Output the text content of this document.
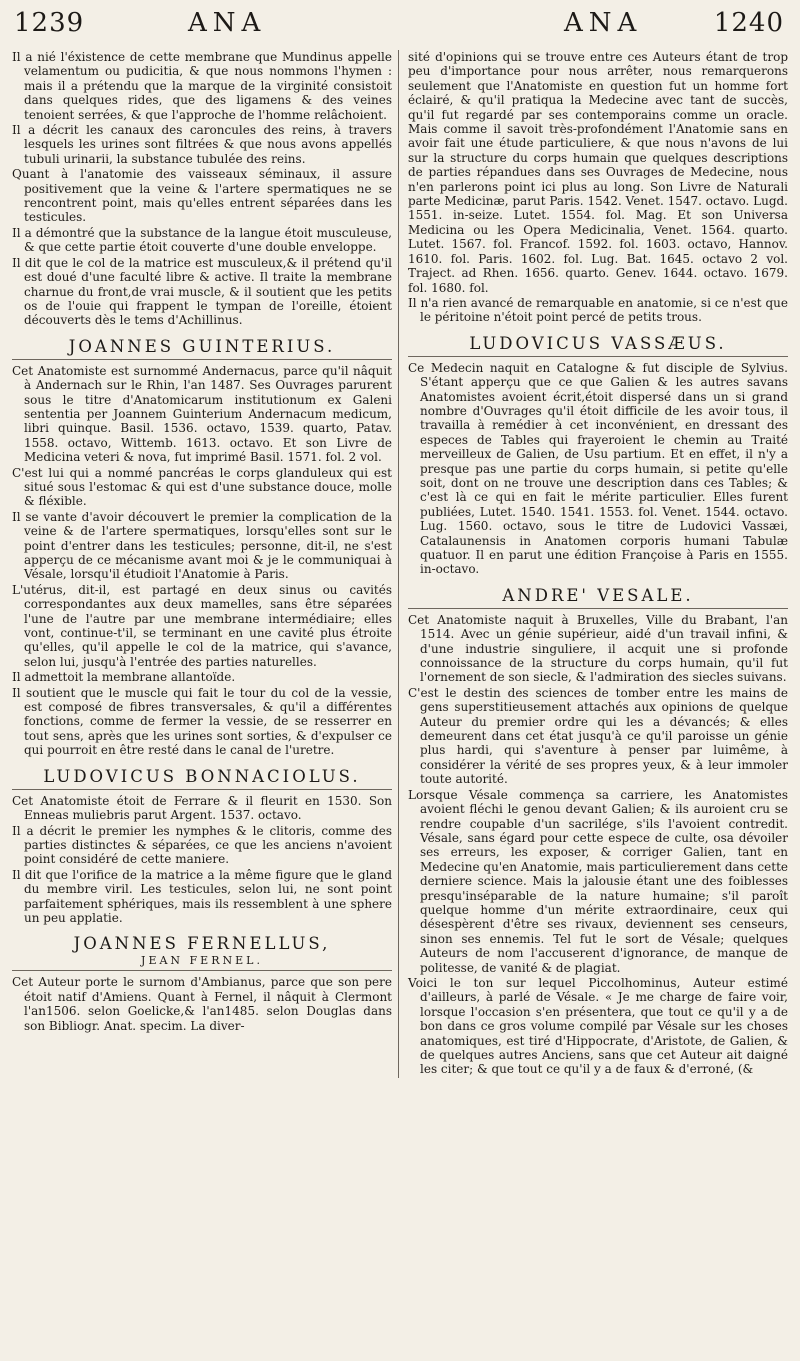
1239	ANA	ANA	1240

Il a nié l'éxistence de cette membrane que Mundinus appelle velamentum ou pudicitia, & que nous nommons l'hymen : mais il a prétendu que la marque de la virginité consistoit dans quelques rides, que des ligamens & des veines tenoient serrées, & que l'approche de l'homme relâchoient.

Il a décrit les canaux des caroncules des reins, à travers lesquels les urines sont filtrées & que nous avons appellés tubuli urinarii, la substance tubulée des reins.

Quant à l'anatomie des vaisseaux séminaux, il assure positivement que la veine & l'artere spermatiques ne se rencontrent point, mais qu'elles entrent séparées dans les testicules.

Il a démontré que la substance de la langue étoit musculeuse, & que cette partie étoit couverte d'une double enveloppe.

Il dit que le col de la matrice est musculeux,& il prétend qu'il est doué d'une faculté libre & active. Il traite la membrane charnue du front,de vrai muscle, & il soutient que les petits os de l'ouie qui frappent le tympan de l'oreille, étoient découverts dès le tems d'Achillinus.

JOANNES GUINTERIUS.

Cet Anatomiste est surnommé Andernacus, parce qu'il nâquit à Andernach sur le Rhin, l'an 1487. Ses Ouvrages parurent sous le titre d'Anatomicarum institutionum ex Galeni sententia per Joannem Guinterium Andernacum medicum, libri quinque. Basil. 1536. octavo, 1539. quarto, Patav. 1558. octavo, Wittemb. 1613. octavo. Et son Livre de Medicina veteri & nova, fut imprimé Basil. 1571. fol. 2 vol.

C'est lui qui a nommé pancréas le corps glanduleux qui est situé sous l'estomac & qui est d'une substance douce, molle & fléxible.

Il se vante d'avoir découvert le premier la complication de la veine & de l'artere spermatiques, lorsqu'elles sont sur le point d'entrer dans les testicules; personne, dit-il, ne s'est apperçu de ce mécanisme avant moi & je le communiquai à Vésale, lorsqu'il étudioit l'Anatomie à Paris.

L'utérus, dit-il, est partagé en deux sinus ou cavités correspondantes aux deux mamelles, sans être séparées l'une de l'autre par une membrane intermédiaire; elles vont, continue-t'il, se terminant en une cavité plus étroite qu'elles, qu'il appelle le col de la matrice, qui s'avance, selon lui, jusqu'à l'entrée des parties naturelles.

Il admettoit la membrane allantoïde.

Il soutient que le muscle qui fait le tour du col de la vessie, est composé de fibres transversales, & qu'il a différentes fonctions, comme de fermer la vessie, de se resserrer en tout sens, après que les urines sont sorties, & d'expulser ce qui pourroit en être resté dans le canal de l'uretre.

LUDOVICUS BONNACIOLUS.

Cet Anatomiste étoit de Ferrare & il fleurit en 1530. Son Enneas muliebris parut Argent. 1537. octavo.

Il a décrit le premier les nymphes & le clitoris, comme des parties distinctes & séparées, ce que les anciens n'avoient point considéré de cette maniere.

Il dit que l'orifice de la matrice a la même figure que le gland du membre viril. Les testicules, selon lui, ne sont point parfaitement sphériques, mais ils ressemblent à une sphere un peu applatie.

JOANNES FERNELLUS,
JEAN FERNEL.

Cet Auteur porte le surnom d'Ambianus, parce que son pere étoit natif d'Amiens. Quant à Fernel, il nâquit à Clermont l'an1506. selon Goelicke,& l'an1485. selon Douglas dans son Bibliogr. Anat. specim. La diver-

sité d'opinions qui se trouve entre ces Auteurs étant de trop peu d'importance pour nous arrêter, nous remarquerons seulement que l'Anatomiste en question fut un homme fort éclairé, & qu'il pratiqua la Medecine avec tant de succès, qu'il fut regardé par ses contemporains comme un oracle. Mais comme il savoit très-profondément l'Anatomie sans en avoir fait une étude particuliere, & que nous n'avons de lui sur la structure du corps humain que quelques descriptions de parties répandues dans ses Ouvrages de Medecine, nous n'en parlerons point ici plus au long. Son Livre de Naturali parte Medicinæ, parut Paris. 1542. Venet. 1547. octavo. Lugd. 1551. in-seize. Lutet. 1554. fol. Mag. Et son Universa Medicina ou les Opera Medicinalia, Venet. 1564. quarto. Lutet. 1567. fol. Francof. 1592. fol. 1603. octavo, Hannov. 1610. fol. Paris. 1602. fol. Lug. Bat. 1645. octavo 2 vol. Traject. ad Rhen. 1656. quarto. Genev. 1644. octavo. 1679. fol. 1680. fol.

Il n'a rien avancé de remarquable en anatomie, si ce n'est que le péritoine n'étoit point percé de petits trous.

LUDOVICUS VASSÆUS.

Ce Medecin naquit en Catalogne & fut disciple de Sylvius. S'étant apperçu que ce que Galien & les autres savans Anatomistes avoient écrit,étoit dispersé dans un si grand nombre d'Ouvrages qu'il étoit difficile de les avoir tous, il travailla à remédier à cet inconvénient, en dressant des especes de Tables qui frayeroient le chemin au Traité merveilleux de Galien, de Usu partium. Et en effet, il n'y a presque pas une partie du corps humain, si petite qu'elle soit, dont on ne trouve une description dans ces Tables; & c'est là ce qui en fait le mérite particulier. Elles furent publiées, Lutet. 1540. 1541. 1553. fol. Venet. 1544. octavo. Lug. 1560. octavo, sous le titre de Ludovici Vassæi, Catalaunensis in Anatomen corporis humani Tabulæ quatuor. Il en parut une édition Françoise à Paris en 1555. in-octavo.

ANDRE' VESALE.

Cet Anatomiste naquit à Bruxelles, Ville du Brabant, l'an 1514. Avec un génie supérieur, aidé d'un travail infini, & d'une industrie singuliere, il acquit une si profonde connoissance de la structure du corps humain, qu'il fut l'ornement de son siecle, & l'admiration des siecles suivans.

C'est le destin des sciences de tomber entre les mains de gens superstitieusement attachés aux opinions de quelque Auteur du premier ordre qui les a dévancés; & elles demeurent dans cet état jusqu'à ce qu'il paroisse un génie plus hardi, qui s'aventure à penser par luimême, à considérer la vérité de ses propres yeux, & à leur immoler toute autorité.

Lorsque Vésale commença sa carriere, les Anatomistes avoient fléchi le genou devant Galien; & ils auroient cru se rendre coupable d'un sacrilége, s'ils l'avoient contredit. Vésale, sans égard pour cette espece de culte, osa dévoiler ses erreurs, les exposer, & corriger Galien, tant en Medecine qu'en Anatomie, mais particulierement dans cette derniere science. Mais la jalousie étant une des foiblesses presqu'inséparable de la nature humaine; s'il paroît quelque homme d'un mérite extraordinaire, ceux qui désespèrent d'être ses rivaux, deviennent ses censeurs, sinon ses ennemis. Tel fut le sort de Vésale; quelques Auteurs de nom l'accuserent d'ignorance, de manque de politesse, de vanité & de plagiat.

Voici le ton sur lequel Piccolhominus, Auteur estimé d'ailleurs, à parlé de Vésale. « Je me charge de faire voir, lorsque l'occasion s'en présentera, que tout ce qu'il y a de bon dans ce gros volume compilé par Vésale sur les choses anatomiques, est tiré d'Hippocrate, d'Aristote, de Galien, & de quelques autres Anciens, sans que cet Auteur ait daigné les citer; & que tout ce qu'il y a de faux & d'erroné, (&
